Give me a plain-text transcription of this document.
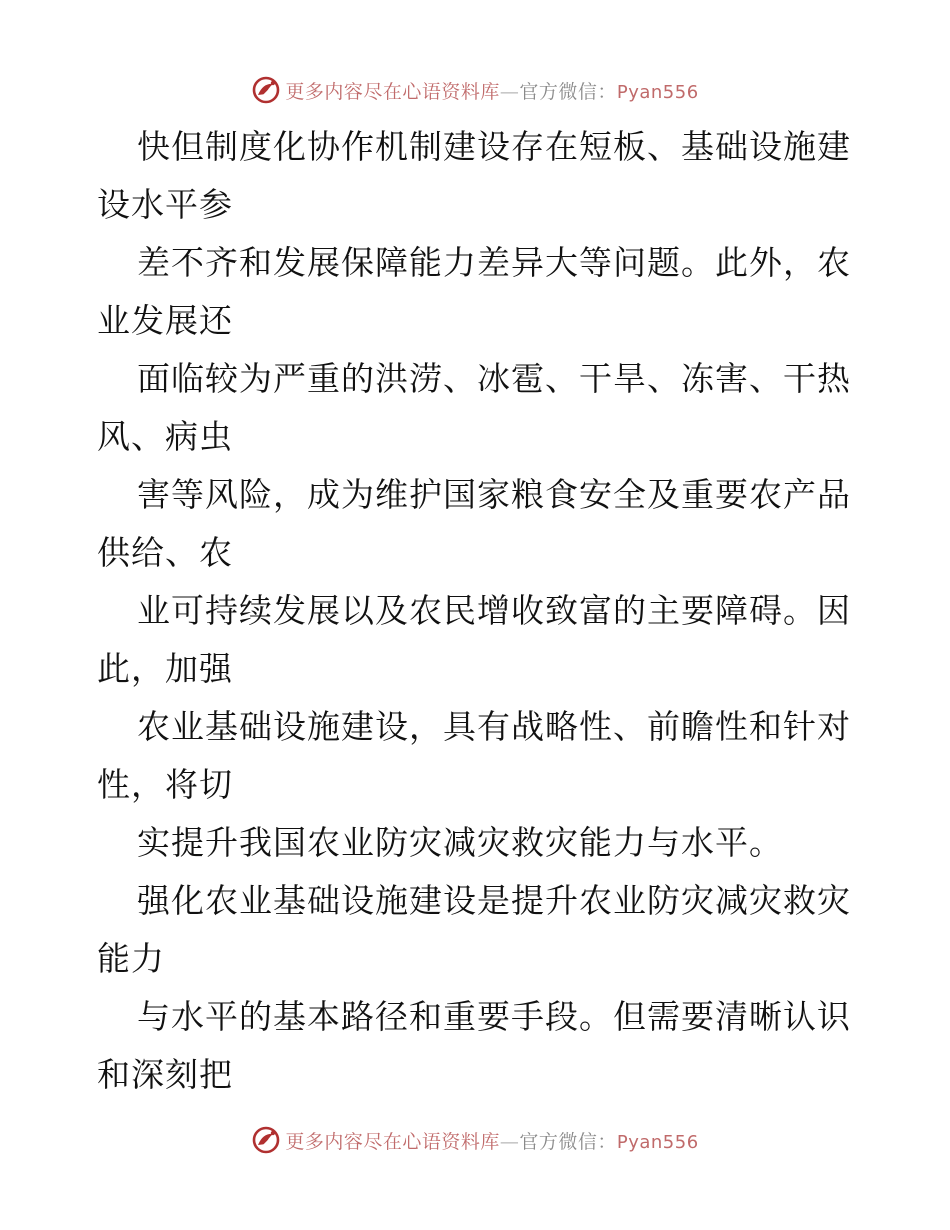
更多内容尽在心语资料库—官方微信：Pyan556
快但制度化协作机制建设存在短板、基础设施建
设水平参
差不齐和发展保障能力差异大等问题。此外，农
业发展还
面临较为严重的洪涝、冰雹、干旱、冻害、干热
风、病虫
害等风险，成为维护国家粮食安全及重要农产品
供给、农
业可持续发展以及农民增收致富的主要障碍。因
此，加强
农业基础设施建设，具有战略性、前瞻性和针对
性，将切
实提升我国农业防灾减灾救灾能力与水平。
强化农业基础设施建设是提升农业防灾减灾救灾
能力
与水平的基本路径和重要手段。但需要清晰认识
和深刻把
更多内容尽在心语资料库—官方微信：Pyan556
